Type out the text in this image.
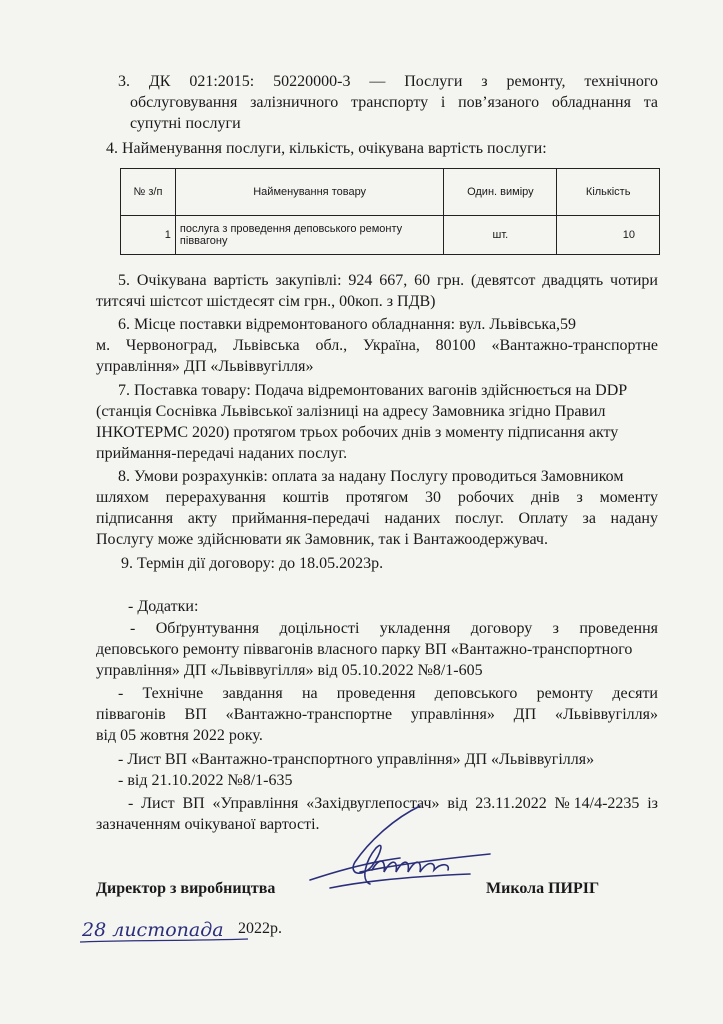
3. ДК 021:2015: 50220000-3 — Послуги з ремонту, технічного
обслуговування залізничного транспорту і пов’язаного обладнання та
супутні послуги
4. Найменування послуги, кількість, очікувана вартість послуги:
№ з/п	Найменування товару	Один. виміру	Кількість
1	послуга з проведення деповського ремонту піввагону	шт.	10
5. Очікувана вартість закупівлі: 924 667, 60 грн. (девятсот двадцять чотири
титсячі шістсот шістдесят сім грн., 00коп. з ПДВ)
6. Місце поставки відремонтованого обладнання: вул. Львівська,59
м. Червоноград, Львівська обл., Україна, 80100 «Вантажно-транспортне
управління» ДП «Львіввугілля»
7. Поставка товару: Подача відремонтованих вагонів здійснюється на DDP
(станція Соснівка Львівської залізниці на адресу Замовника згідно Правил
ІНКОТЕРМС 2020) протягом трьох робочих днів з моменту підписання акту
приймання-передачі наданих послуг.
8. Умови розрахунків: оплата за надану Послугу проводиться Замовником
шляхом перерахування коштів протягом 30 робочих днів з моменту
підписання акту приймання-передачі наданих послуг. Оплату за надану
Послугу може здійснювати як Замовник, так і Вантажоодержувач.
9. Термін дії договору: до 18.05.2023р.
- Додатки:
- Обґрунтування доцільності укладення договору з проведення
деповського ремонту піввагонів власного парку ВП «Вантажно-транспортного
управління» ДП «Львіввугілля» від 05.10.2022 №8/1-605
- Технічне завдання на проведення деповського ремонту десяти
піввагонів ВП «Вантажно-транспортне управління» ДП «Львіввугілля»
від 05 жовтня 2022 року.
- Лист ВП «Вантажно-транспортного управління» ДП «Львіввугілля»
- від 21.10.2022 №8/1-635
- Лист ВП «Управління «Західвуглепостач» від 23.11.2022 №14/4-2235 із
зазначенням очікуваної вартості.
Директор з виробництва	Микола ПИРІГ
28 листопада 2022р.
